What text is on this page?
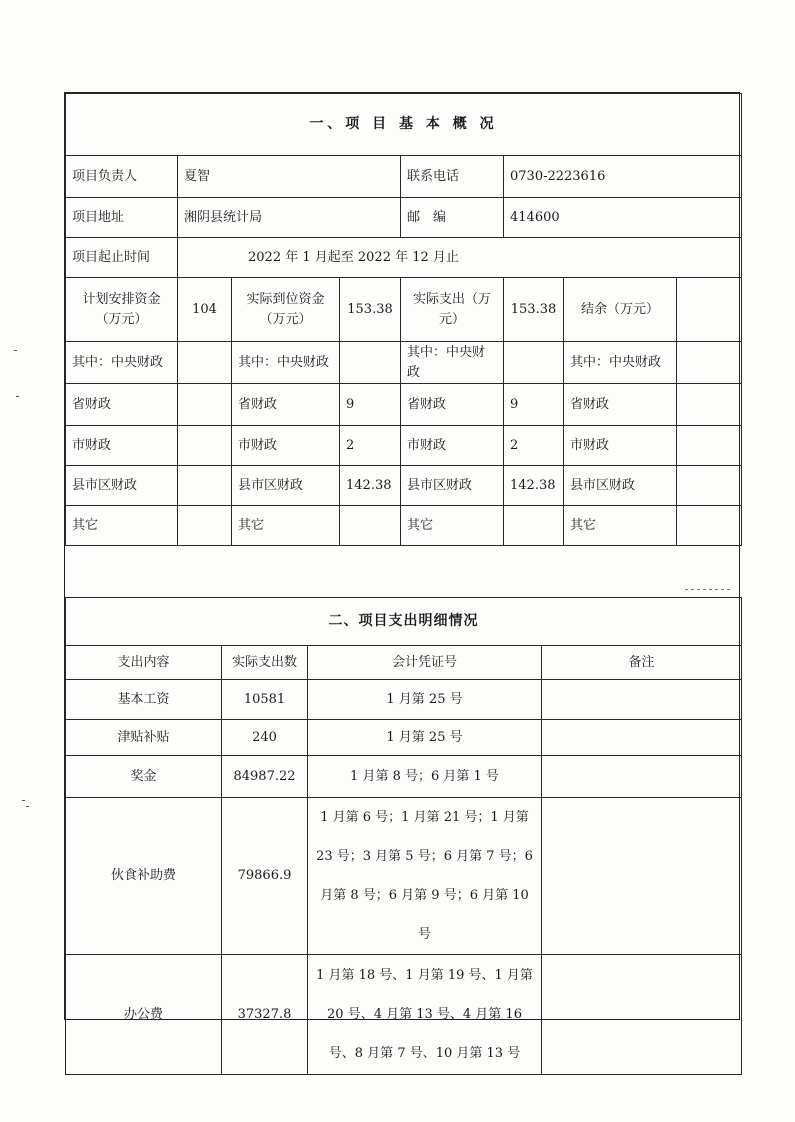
一、项 目 基 本 概 况							
项目负责人	夏智			联系电话	0730-2223616		
项目地址	湘阴县统计局			邮　编	414600		
项目起止时间	2022 年 1 月起至 2022 年 12 月止						
计划安排资金（万元）	104	实际到位资金（万元）	153.38	实际支出（万元）	153.38	结余（万元）	
其中：中央财政		其中：中央财政		其中：中央财政		其中：中央财政	
省财政		省财政	9	省财政	9	省财政	
市财政		市财政	2	市财政	2	市财政	
县市区财政		县市区财政	142.38	县市区财政	142.38	县市区财政	
其它		其它		其它		其它	
二、项目支出明细情况			
支出内容	实际支出数	会计凭证号	备注
基本工资	10581	1 月第 25 号	
津贴补贴	240	1 月第 25 号	
奖金	84987.22	1 月第 8 号；6 月第 1 号	
伙食补助费	79866.9	1 月第 6 号；1 月第 21 号；1 月第 23 号；3 月第 5 号；6 月第 7 号；6 月第 8 号；6 月第 9 号；6 月第 10 号	
办公费	37327.8	1 月第 18 号、1 月第 19 号、1 月第 20 号、4 月第 13 号、4 月第 16 号、8 月第 7 号、10 月第 13 号	
